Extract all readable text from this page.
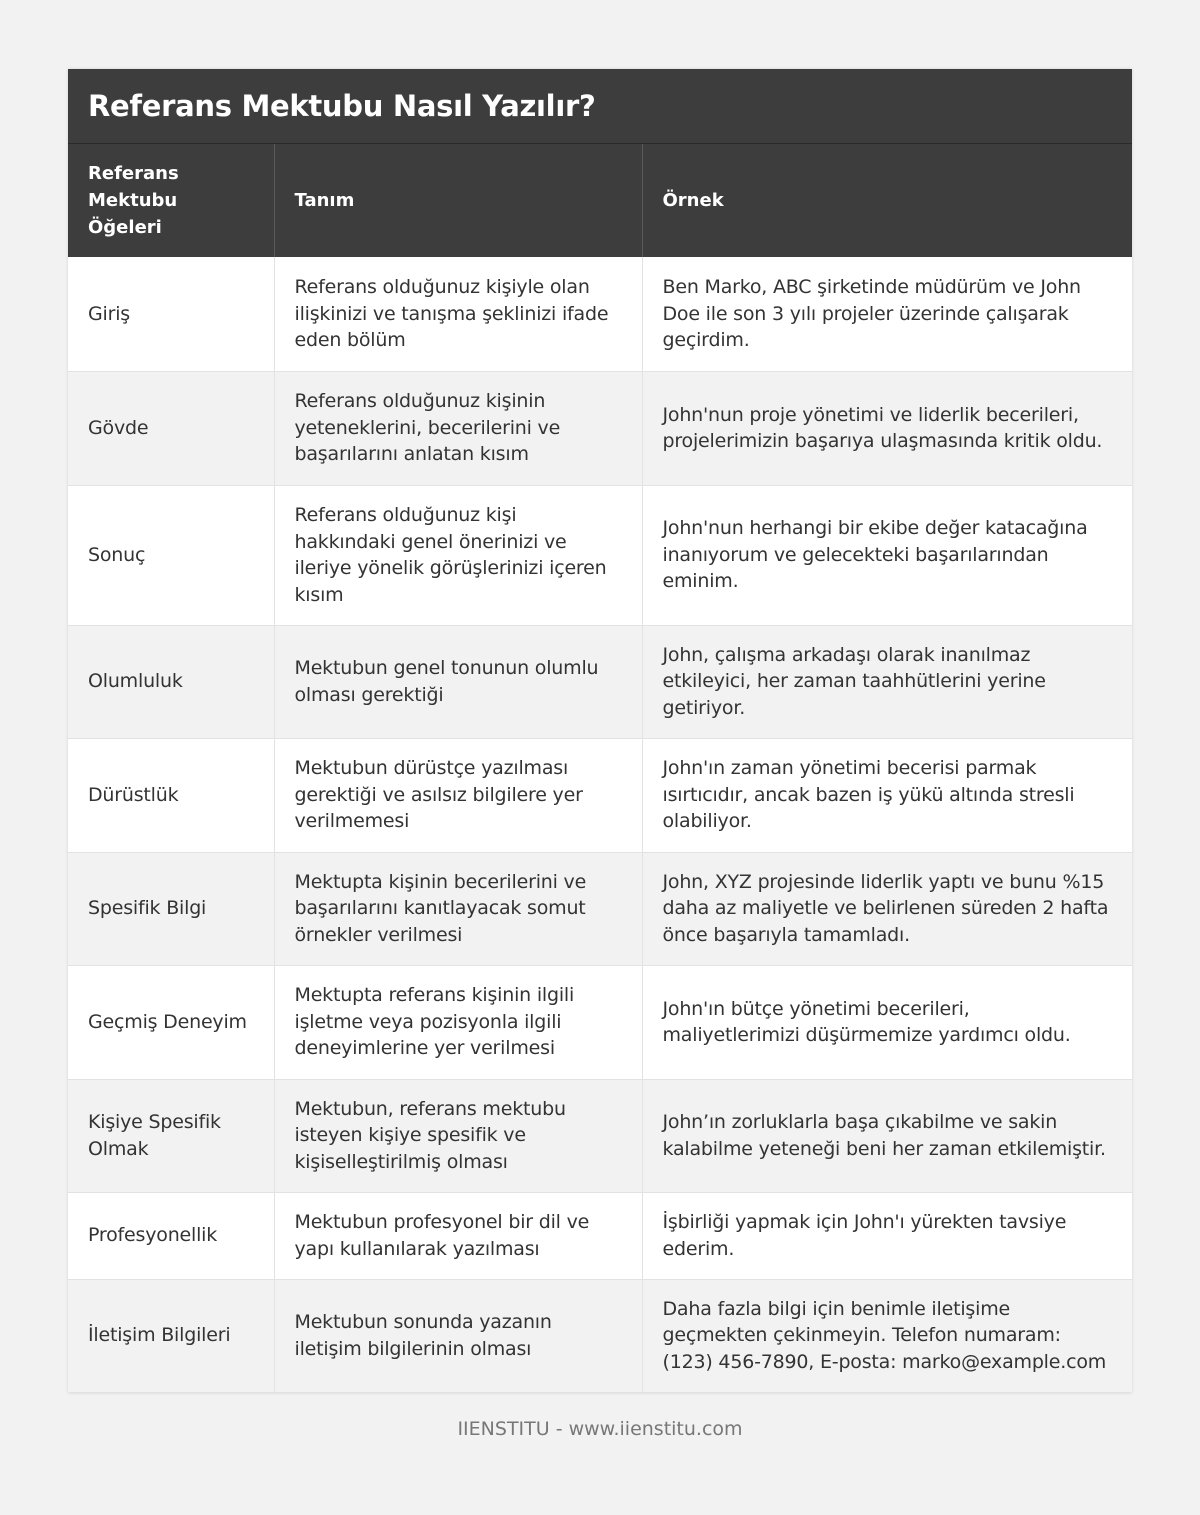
Referans Mektubu Nasıl Yazılır?
Referans Mektubu Öğeleri	Tanım	Örnek
Giriş	Referans olduğunuz kişiyle olan ilişkinizi ve tanışma şeklinizi ifade eden bölüm	Ben Marko, ABC şirketinde müdürüm ve John Doe ile son 3 yılı projeler üzerinde çalışarak geçirdim.
Gövde	Referans olduğunuz kişinin yeteneklerini, becerilerini ve başarılarını anlatan kısım	John'nun proje yönetimi ve liderlik becerileri, projelerimizin başarıya ulaşmasında kritik oldu.
Sonuç	Referans olduğunuz kişi hakkındaki genel önerinizi ve ileriye yönelik görüşlerinizi içeren kısım	John'nun herhangi bir ekibe değer katacağına inanıyorum ve gelecekteki başarılarından eminim.
Olumluluk	Mektubun genel tonunun olumlu olması gerektiği	John, çalışma arkadaşı olarak inanılmaz etkileyici, her zaman taahhütlerini yerine getiriyor.
Dürüstlük	Mektubun dürüstçe yazılması gerektiği ve asılsız bilgilere yer verilmemesi	John'ın zaman yönetimi becerisi parmak ısırtıcıdır, ancak bazen iş yükü altında stresli olabiliyor.
Spesifik Bilgi	Mektupta kişinin becerilerini ve başarılarını kanıtlayacak somut örnekler verilmesi	John, XYZ projesinde liderlik yaptı ve bunu %15 daha az maliyetle ve belirlenen süreden 2 hafta önce başarıyla tamamladı.
Geçmiş Deneyim	Mektupta referans kişinin ilgili işletme veya pozisyonla ilgili deneyimlerine yer verilmesi	John'ın bütçe yönetimi becerileri, maliyetlerimizi düşürmemize yardımcı oldu.
Kişiye Spesifik Olmak	Mektubun, referans mektubu isteyen kişiye spesifik ve kişiselleştirilmiş olması	John’ın zorluklarla başa çıkabilme ve sakin kalabilme yeteneği beni her zaman etkilemiştir.
Profesyonellik	Mektubun profesyonel bir dil ve yapı kullanılarak yazılması	İşbirliği yapmak için John'ı yürekten tavsiye ederim.
İletişim Bilgileri	Mektubun sonunda yazanın iletişim bilgilerinin olması	Daha fazla bilgi için benimle iletişime geçmekten çekinmeyin. Telefon numaram: (123) 456-7890, E-posta: marko@example.com
IIENSTITU - www.iienstitu.com
